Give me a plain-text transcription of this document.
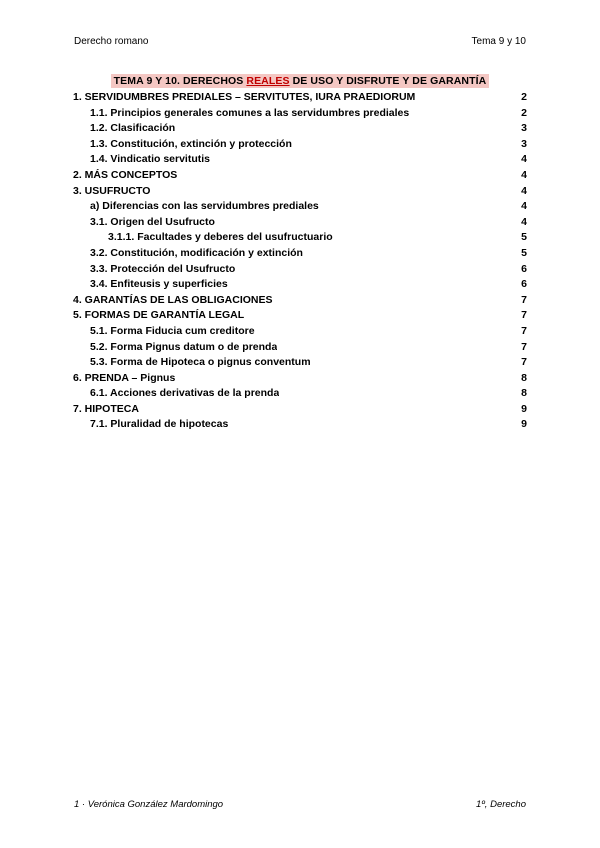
Derecho romano	Tema 9 y 10
TEMA 9 Y 10. DERECHOS REALES DE USO Y DISFRUTE Y DE GARANTÍA
1. SERVIDUMBRES PREDIALES – SERVITUTES, IURA PRAEDIORUM	2
1.1. Principios generales comunes a las servidumbres prediales	2
1.2. Clasificación	3
1.3. Constitución, extinción y protección	3
1.4. Vindicatio servitutis	4
2. MÁS CONCEPTOS	4
3. USUFRUCTO	4
a) Diferencias con las servidumbres prediales	4
3.1. Origen del Usufructo	4
3.1.1. Facultades y deberes del usufructuario	5
3.2. Constitución, modificación y extinción	5
3.3. Protección del Usufructo	6
3.4. Enfiteusis y superficies	6
4. GARANTÍAS DE LAS OBLIGACIONES	7
5. FORMAS DE GARANTÍA LEGAL	7
5.1. Forma Fiducia cum creditore	7
5.2. Forma Pignus datum o de prenda	7
5.3. Forma de Hipoteca o pignus conventum	7
6. PRENDA – Pignus	8
6.1. Acciones derivativas de la prenda	8
7. HIPOTECA	9
7.1. Pluralidad de hipotecas	9
1 · Verónica González Mardomingo	1º, Derecho
